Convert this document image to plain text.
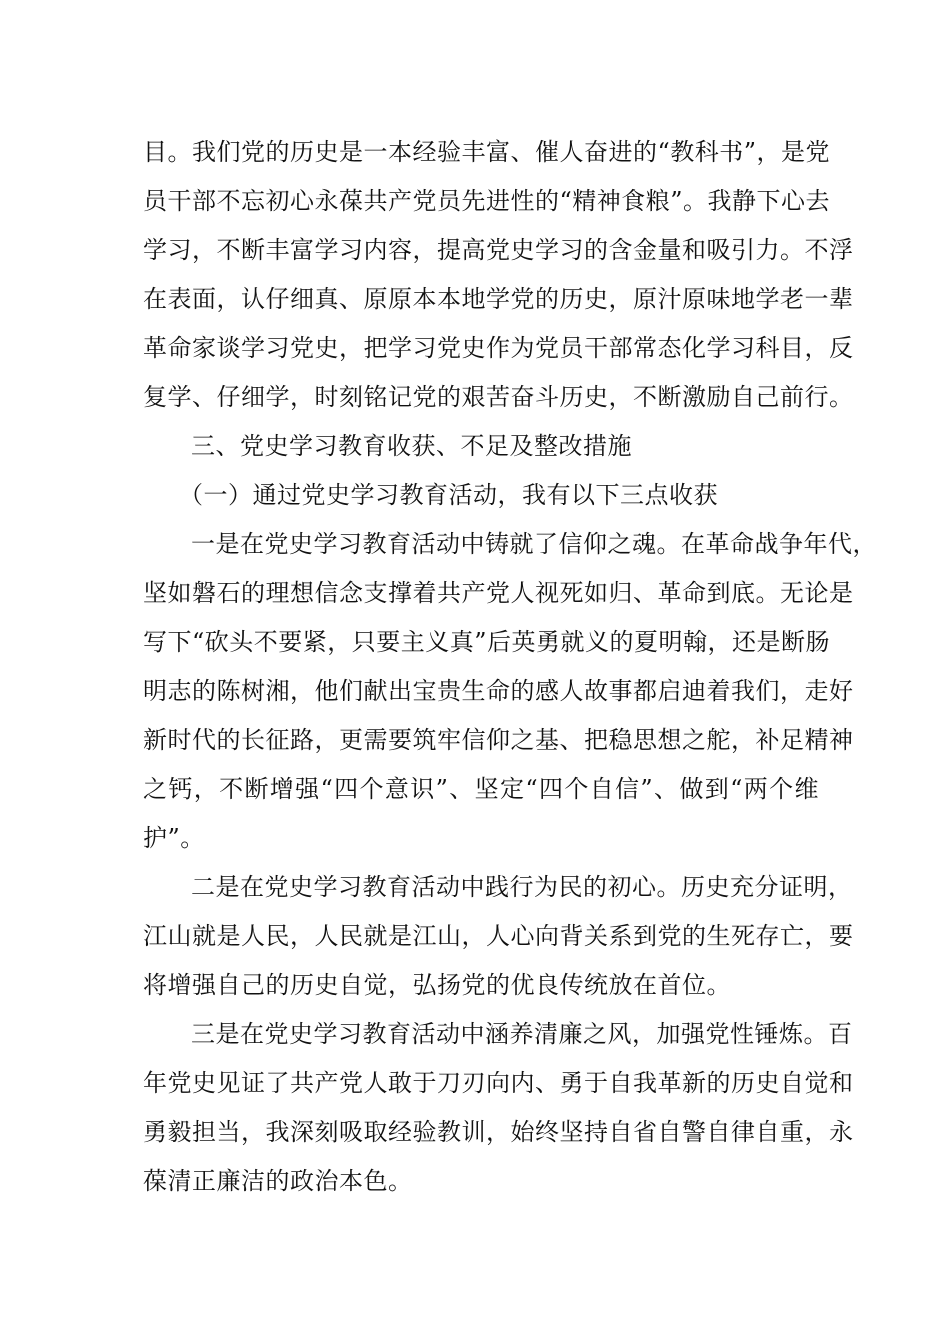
目。我们党的历史是一本经验丰富、催人奋进的“教科书”，是党
员干部不忘初心永葆共产党员先进性的“精神食粮”。我静下心去
学习，不断丰富学习内容，提高党史学习的含金量和吸引力。不浮
在表面，认仔细真、原原本本地学党的历史，原汁原味地学老一辈
革命家谈学习党史，把学习党史作为党员干部常态化学习科目，反
复学、仔细学，时刻铭记党的艰苦奋斗历史，不断激励自己前行。
三、党史学习教育收获、不足及整改措施
（一）通过党史学习教育活动，我有以下三点收获
一是在党史学习教育活动中铸就了信仰之魂。在革命战争年代，
坚如磐石的理想信念支撑着共产党人视死如归、革命到底。无论是
写下“砍头不要紧，只要主义真”后英勇就义的夏明翰，还是断肠
明志的陈树湘，他们献出宝贵生命的感人故事都启迪着我们，走好
新时代的长征路，更需要筑牢信仰之基、把稳思想之舵，补足精神
之钙，不断增强“四个意识”、坚定“四个自信”、做到“两个维
护”。
二是在党史学习教育活动中践行为民的初心。历史充分证明，
江山就是人民，人民就是江山，人心向背关系到党的生死存亡，要
将增强自己的历史自觉，弘扬党的优良传统放在首位。
三是在党史学习教育活动中涵养清廉之风，加强党性锤炼。百
年党史见证了共产党人敢于刀刃向内、勇于自我革新的历史自觉和
勇毅担当，我深刻吸取经验教训，始终坚持自省自警自律自重，永
葆清正廉洁的政治本色。
